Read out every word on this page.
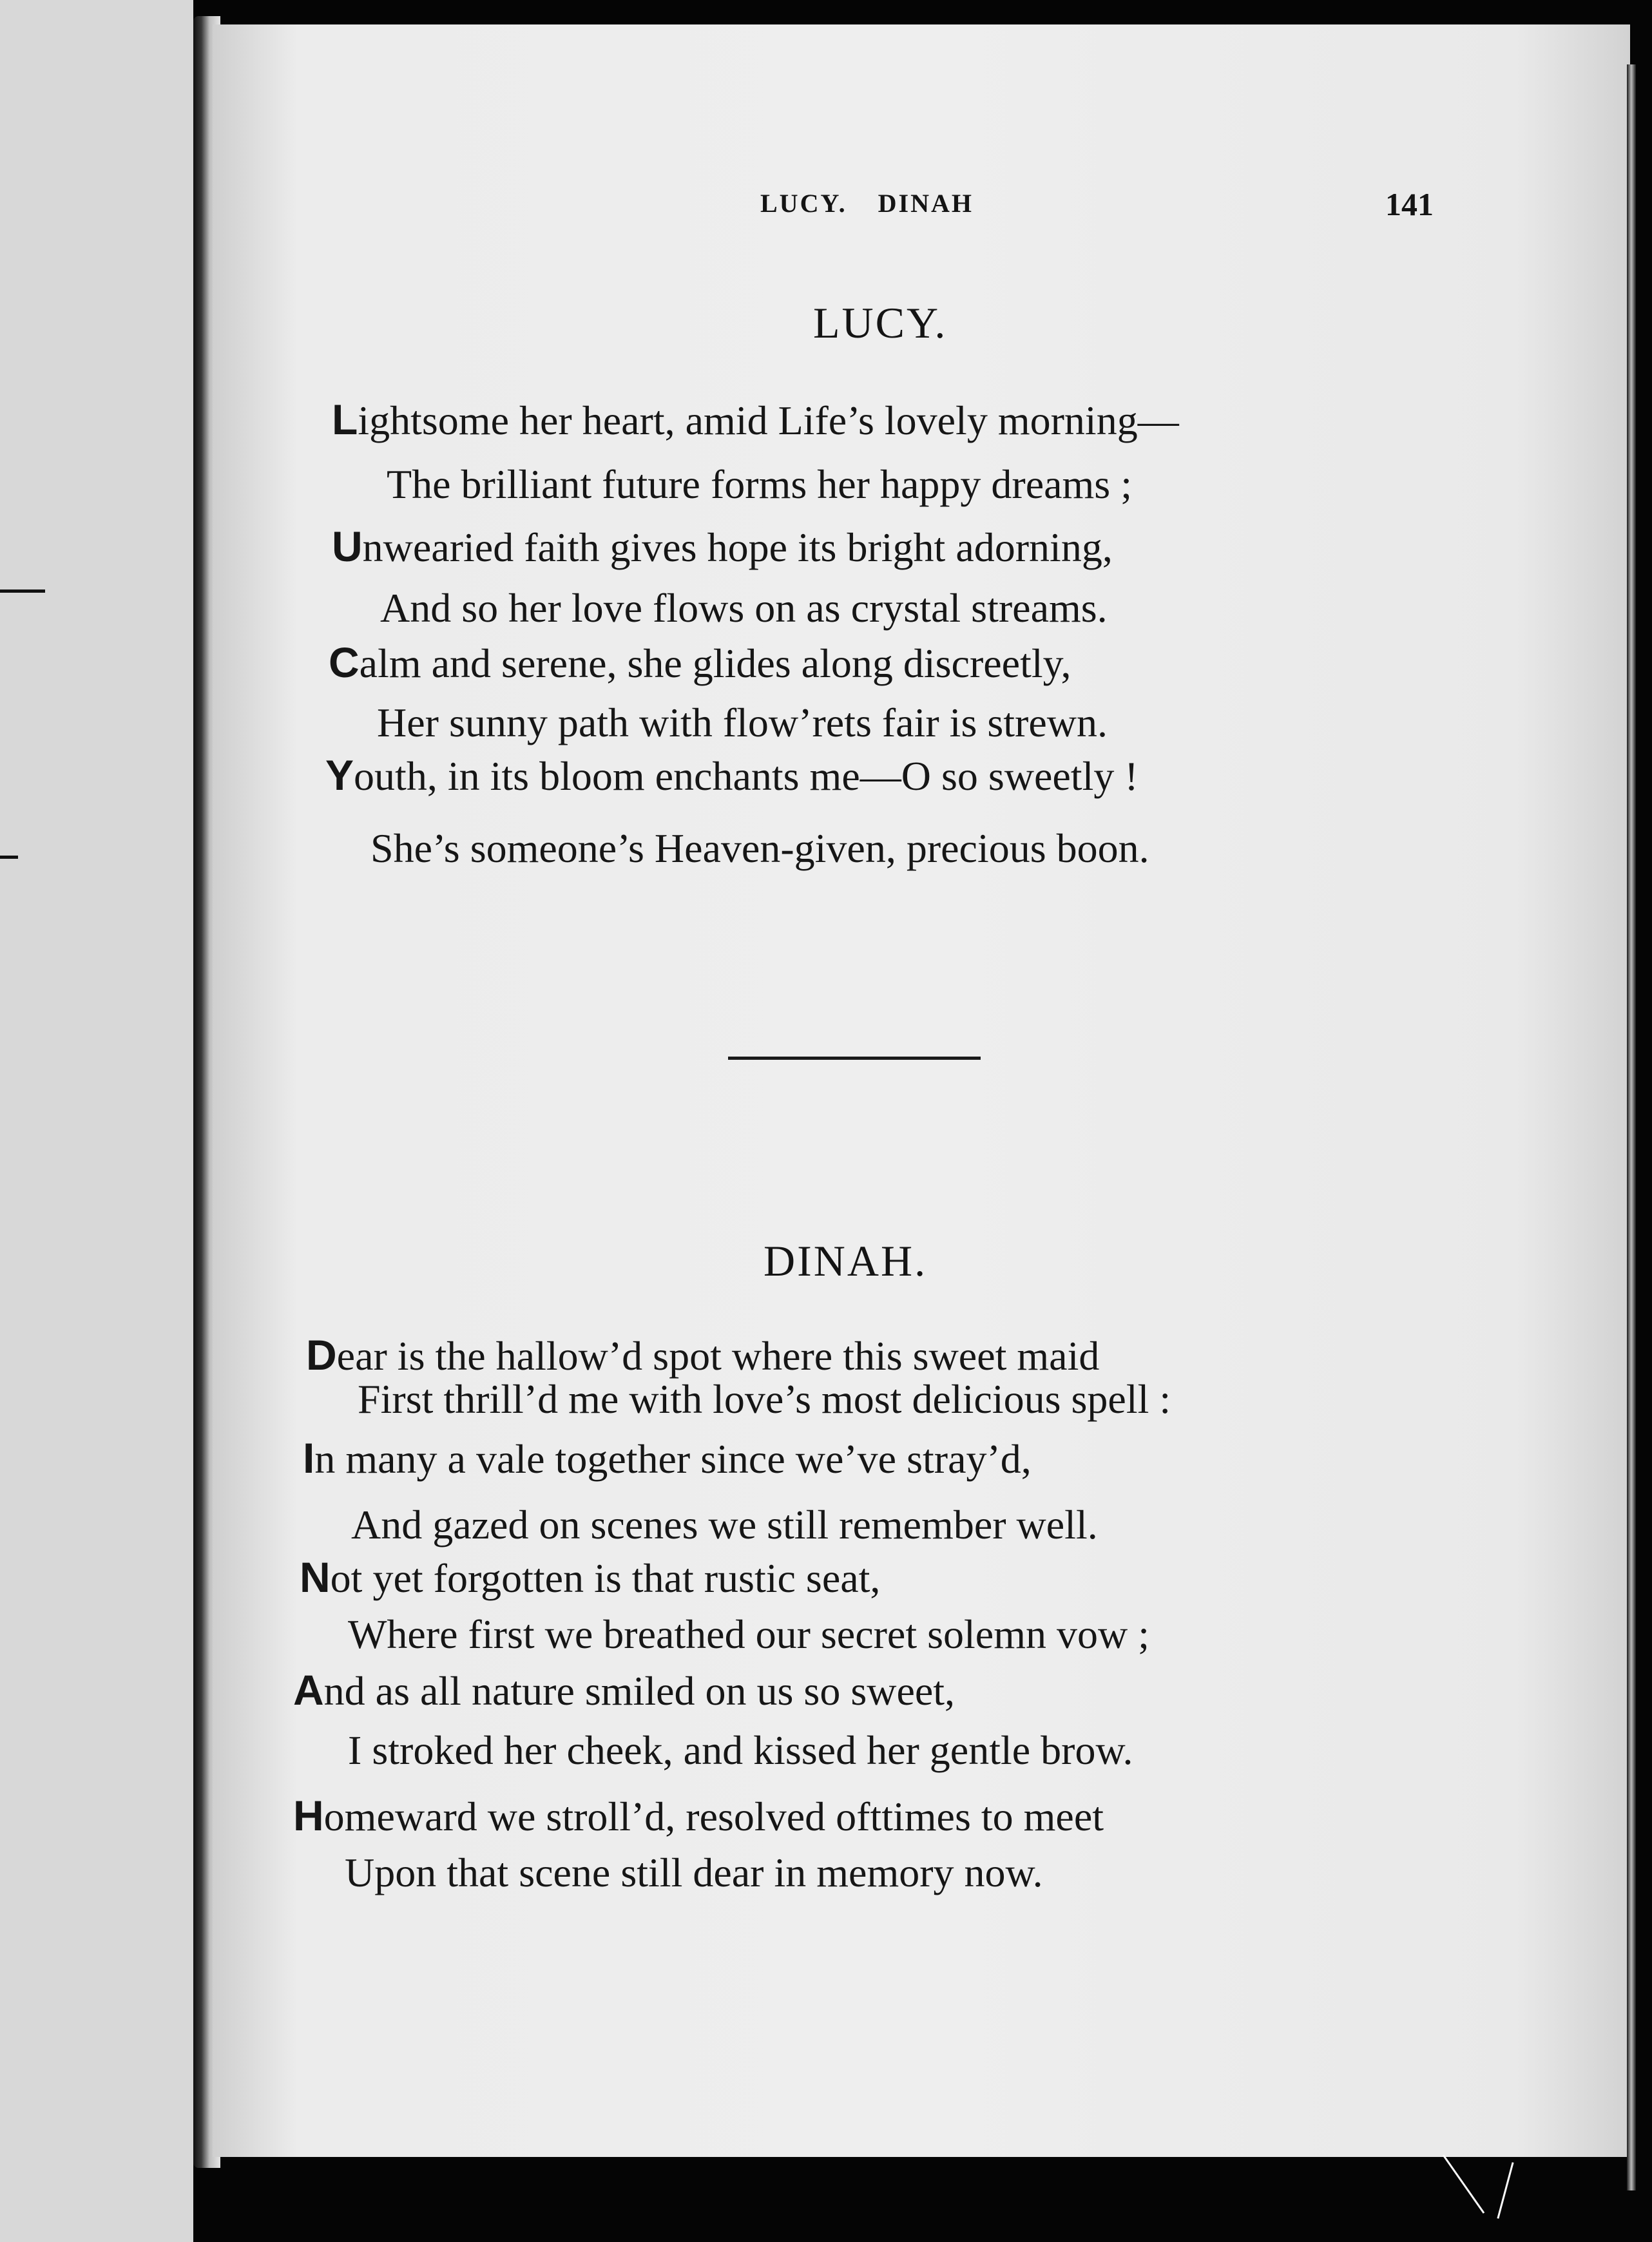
LUCY. DINAH	141
LUCY.
Lightsome her heart, amid Life’s lovely morning—
The brilliant future forms her happy dreams ;
Unwearied faith gives hope its bright adorning,
And so her love flows on as crystal streams.
Calm and serene, she glides along discreetly,
Her sunny path with flow’rets fair is strewn.
Youth, in its bloom enchants me—O so sweetly !
She’s someone’s Heaven-given, precious boon.
DINAH.
Dear is the hallow’d spot where this sweet maid
First thrill’d me with love’s most delicious spell :
In many a vale together since we’ve stray’d,
And gazed on scenes we still remember well.
Not yet forgotten is that rustic seat,
Where first we breathed our secret solemn vow ;
And as all nature smiled on us so sweet,
I stroked her cheek, and kissed her gentle brow.
Homeward we stroll’d, resolved ofttimes to meet
Upon that scene still dear in memory now.
